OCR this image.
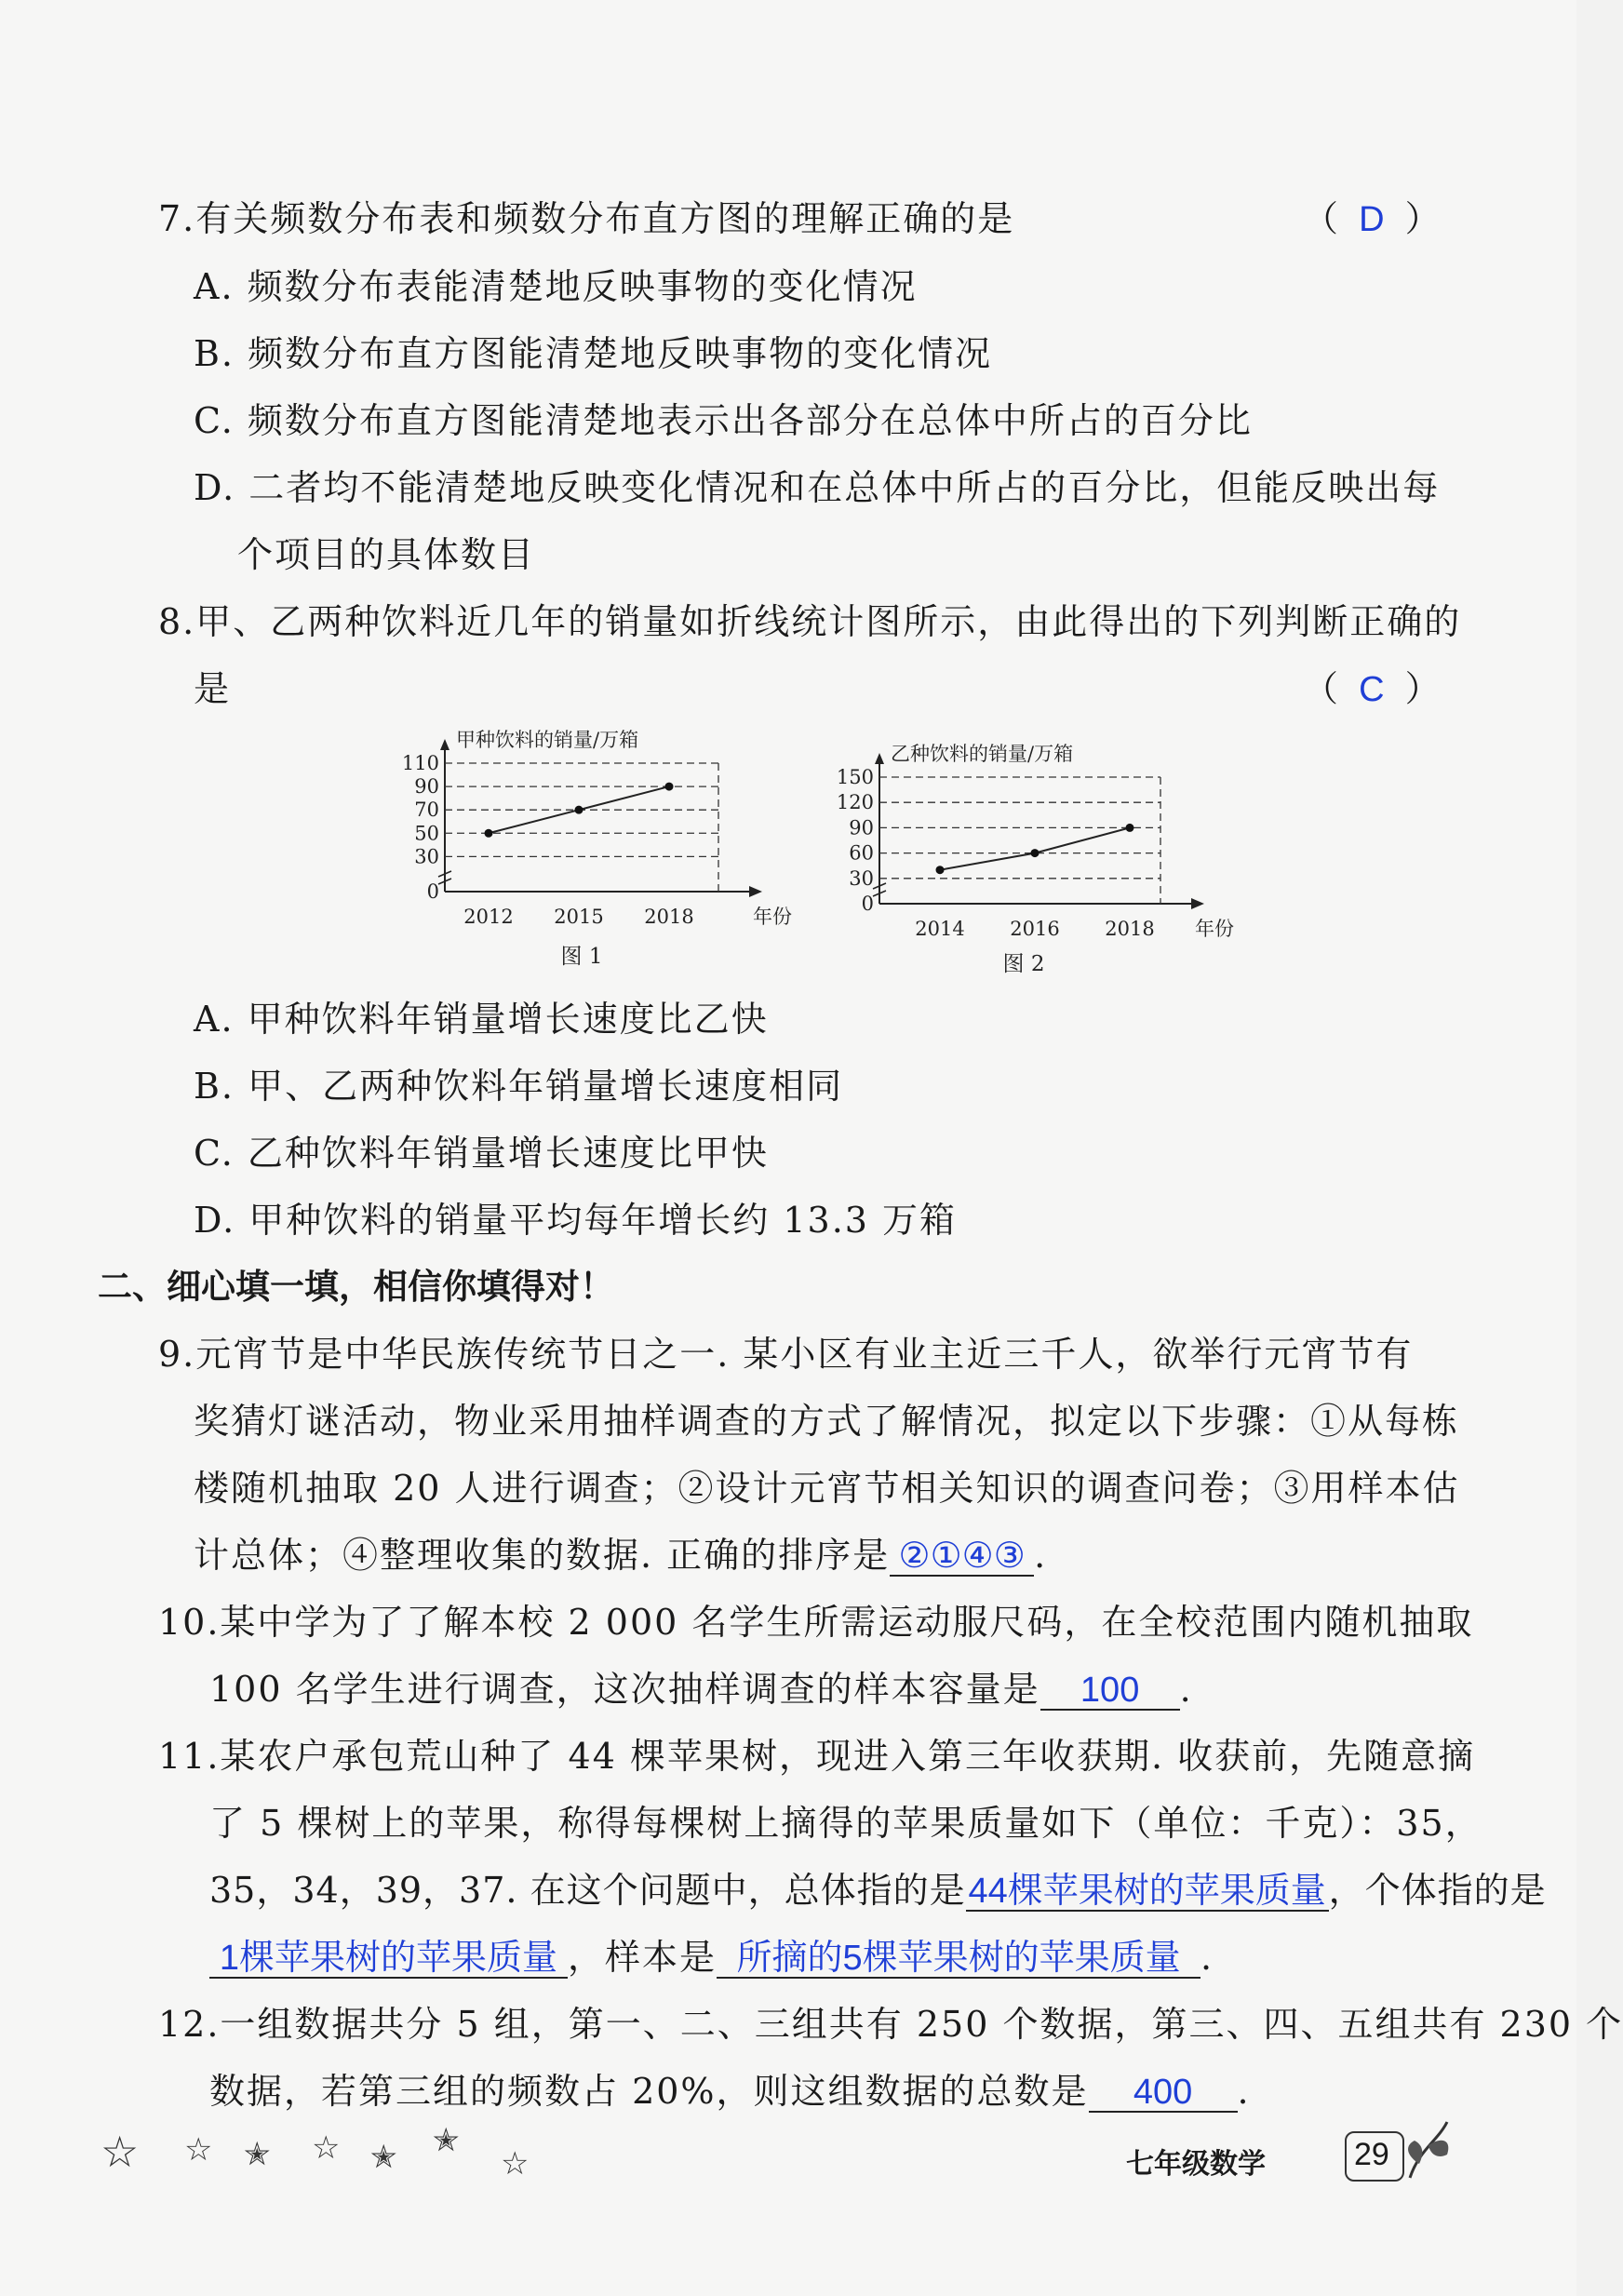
7.有关频数分布表和频数分布直方图的理解正确的是	（ D ）
A. 频数分布表能清楚地反映事物的变化情况
B. 频数分布直方图能清楚地反映事物的变化情况
C. 频数分布直方图能清楚地表示出各部分在总体中所占的百分比
D. 二者均不能清楚地反映变化情况和在总体中所占的百分比，但能反映出每
个项目的具体数目
8.甲、乙两种饮料近几年的销量如折线统计图所示，由此得出的下列判断正确的
是	（ C ）
0
30
50
70
90
110
2012 2015 2018	年份
甲种饮料的销量/万箱
图 1
0
30
60
90
120
150
2014 2016 2018 年份
乙种饮料的销量/万箱
图 2
A. 甲种饮料年销量增长速度比乙快
B. 甲、乙两种饮料年销量增长速度相同
C. 乙种饮料年销量增长速度比甲快
D. 甲种饮料的销量平均每年增长约 13.3 万箱
二、细心填一填，相信你填得对！
9.元宵节是中华民族传统节日之一. 某小区有业主近三千人，欲举行元宵节有
奖猜灯谜活动，物业采用抽样调查的方式了解情况，拟定以下步骤：①从每栋
楼随机抽取 20 人进行调查；②设计元宵节相关知识的调查问卷；③用样本估
计总体；④整理收集的数据. 正确的排序是 ②①④③ .
10.某中学为了了解本校 2 000 名学生所需运动服尺码，在全校范围内随机抽取
100 名学生进行调查，这次抽样调查的样本容量是 100 .
11.某农户承包荒山种了 44 棵苹果树，现进入第三年收获期. 收获前，先随意摘
了 5 棵树上的苹果，称得每棵树上摘得的苹果质量如下（单位：千克）：35，
35，34，39，37. 在这个问题中，总体指的是44棵苹果树的苹果质量，个体指的是
1棵苹果树的苹果质量 ，样本是 所摘的5棵苹果树的苹果质量 .
12.一组数据共分 5 组，第一、二、三组共有 250 个数据，第三、四、五组共有 230 个
数据，若第三组的频数占 20%，则这组数据的总数是 400 .
☆ ☆ ✭ ☆ ✭ ✭
☆	七年级数学	29
